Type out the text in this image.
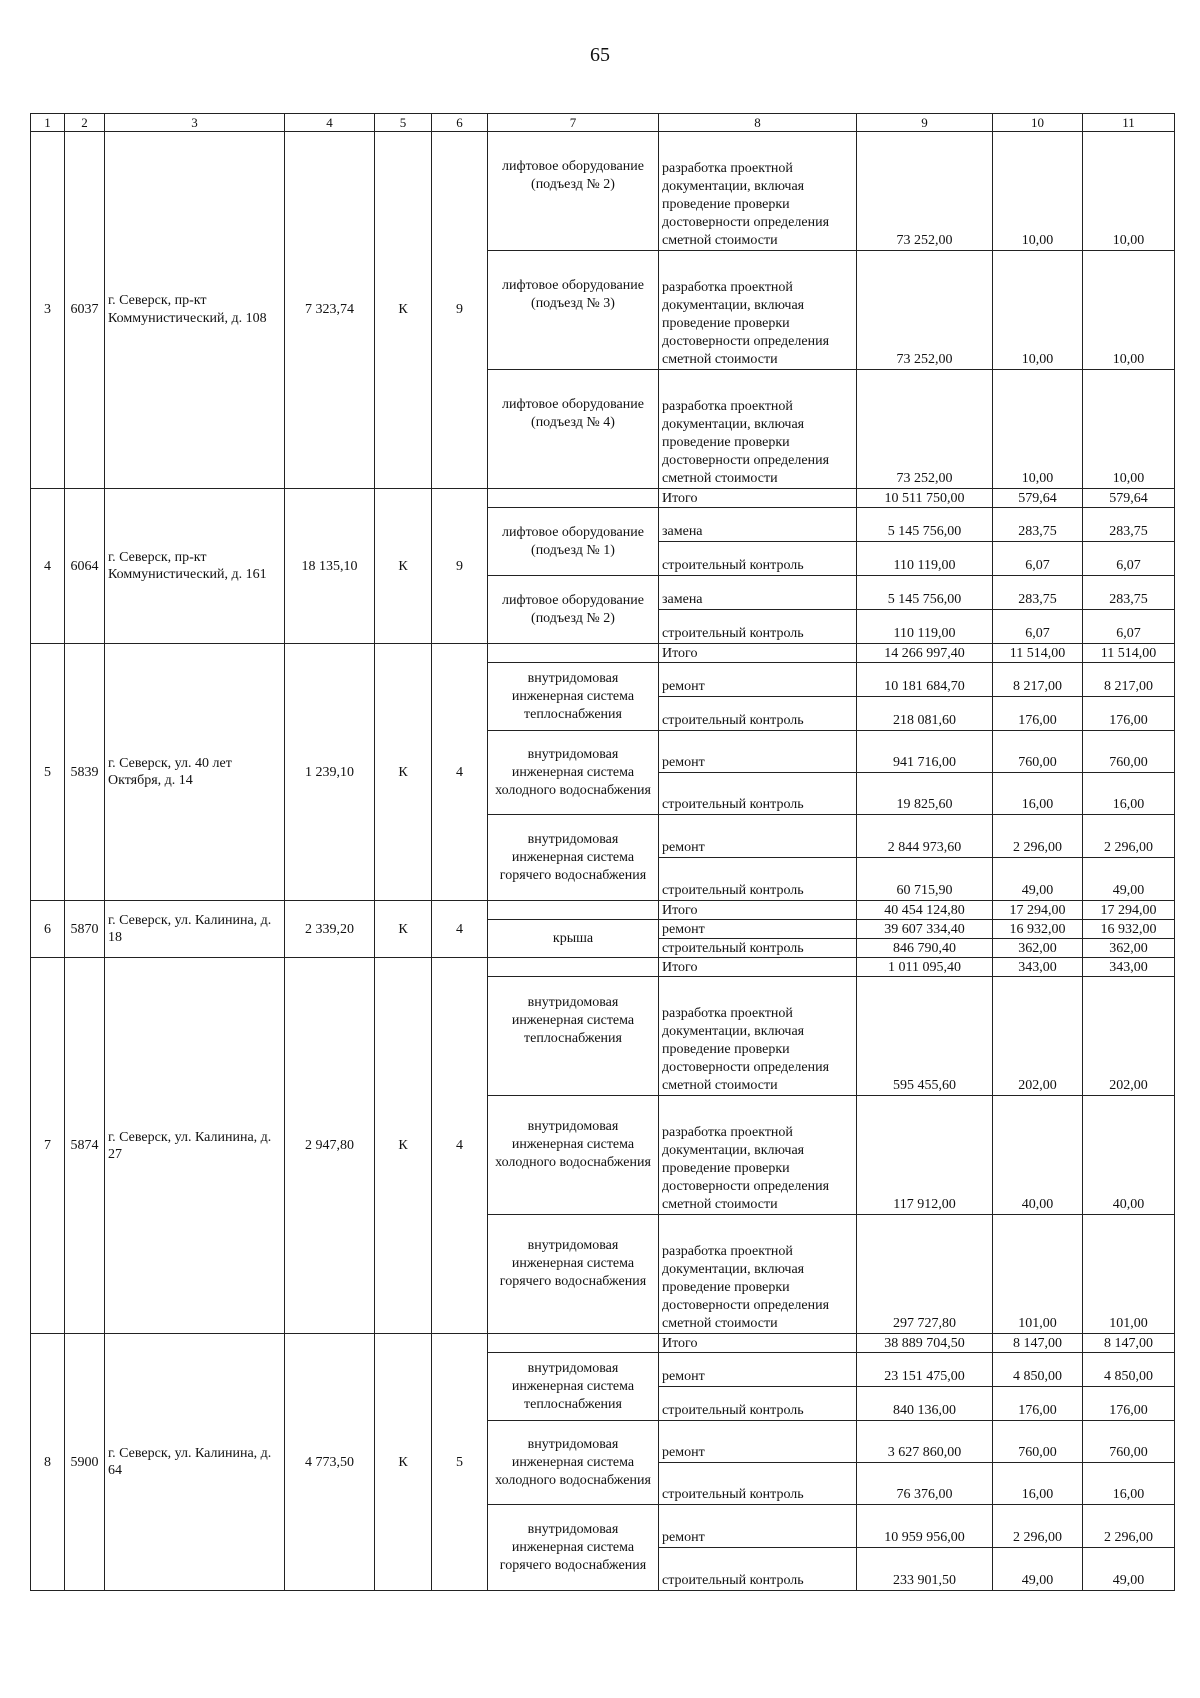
65
1	2	3	4	5	6	7	8	9	10	11
3	6037	г. Северск, пр-кт Коммунистический, д. 108	7 323,74	К	9	лифтовое оборудование (подъезд № 2)	разработка проектной документации, включая проведение проверки достоверности определения сметной стоимости	73 252,00	10,00	10,00
						лифтовое оборудование (подъезд № 3)	разработка проектной документации, включая проведение проверки достоверности определения сметной стоимости	73 252,00	10,00	10,00
						лифтовое оборудование (подъезд № 4)	разработка проектной документации, включая проведение проверки достоверности определения сметной стоимости	73 252,00	10,00	10,00
4	6064	г. Северск, пр-кт Коммунистический, д. 161	18 135,10	К	9		Итого	10 511 750,00	579,64	579,64
						лифтовое оборудование (подъезд № 1)	замена	5 145 756,00	283,75	283,75
							строительный контроль	110 119,00	6,07	6,07
						лифтовое оборудование (подъезд № 2)	замена	5 145 756,00	283,75	283,75
							строительный контроль	110 119,00	6,07	6,07
5	5839	г. Северск, ул. 40 лет Октября, д. 14	1 239,10	К	4		Итого	14 266 997,40	11 514,00	11 514,00
						внутридомовая инженерная система теплоснабжения	ремонт	10 181 684,70	8 217,00	8 217,00
							строительный контроль	218 081,60	176,00	176,00
						внутридомовая инженерная система холодного водоснабжения	ремонт	941 716,00	760,00	760,00
							строительный контроль	19 825,60	16,00	16,00
						внутридомовая инженерная система горячего водоснабжения	ремонт	2 844 973,60	2 296,00	2 296,00
							строительный контроль	60 715,90	49,00	49,00
6	5870	г. Северск, ул. Калинина, д. 18	2 339,20	К	4		Итого	40 454 124,80	17 294,00	17 294,00
						крыша	ремонт	39 607 334,40	16 932,00	16 932,00
							строительный контроль	846 790,40	362,00	362,00
7	5874	г. Северск, ул. Калинина, д. 27	2 947,80	К	4		Итого	1 011 095,40	343,00	343,00
						внутридомовая инженерная система теплоснабжения	разработка проектной документации, включая проведение проверки достоверности определения сметной стоимости	595 455,60	202,00	202,00
						внутридомовая инженерная система холодного водоснабжения	разработка проектной документации, включая проведение проверки достоверности определения сметной стоимости	117 912,00	40,00	40,00
						внутридомовая инженерная система горячего водоснабжения	разработка проектной документации, включая проведение проверки достоверности определения сметной стоимости	297 727,80	101,00	101,00
8	5900	г. Северск, ул. Калинина, д. 64	4 773,50	К	5		Итого	38 889 704,50	8 147,00	8 147,00
						внутридомовая инженерная система теплоснабжения	ремонт	23 151 475,00	4 850,00	4 850,00
							строительный контроль	840 136,00	176,00	176,00
						внутридомовая инженерная система холодного водоснабжения	ремонт	3 627 860,00	760,00	760,00
							строительный контроль	76 376,00	16,00	16,00
						внутридомовая инженерная система горячего водоснабжения	ремонт	10 959 956,00	2 296,00	2 296,00
							строительный контроль	233 901,50	49,00	49,00
